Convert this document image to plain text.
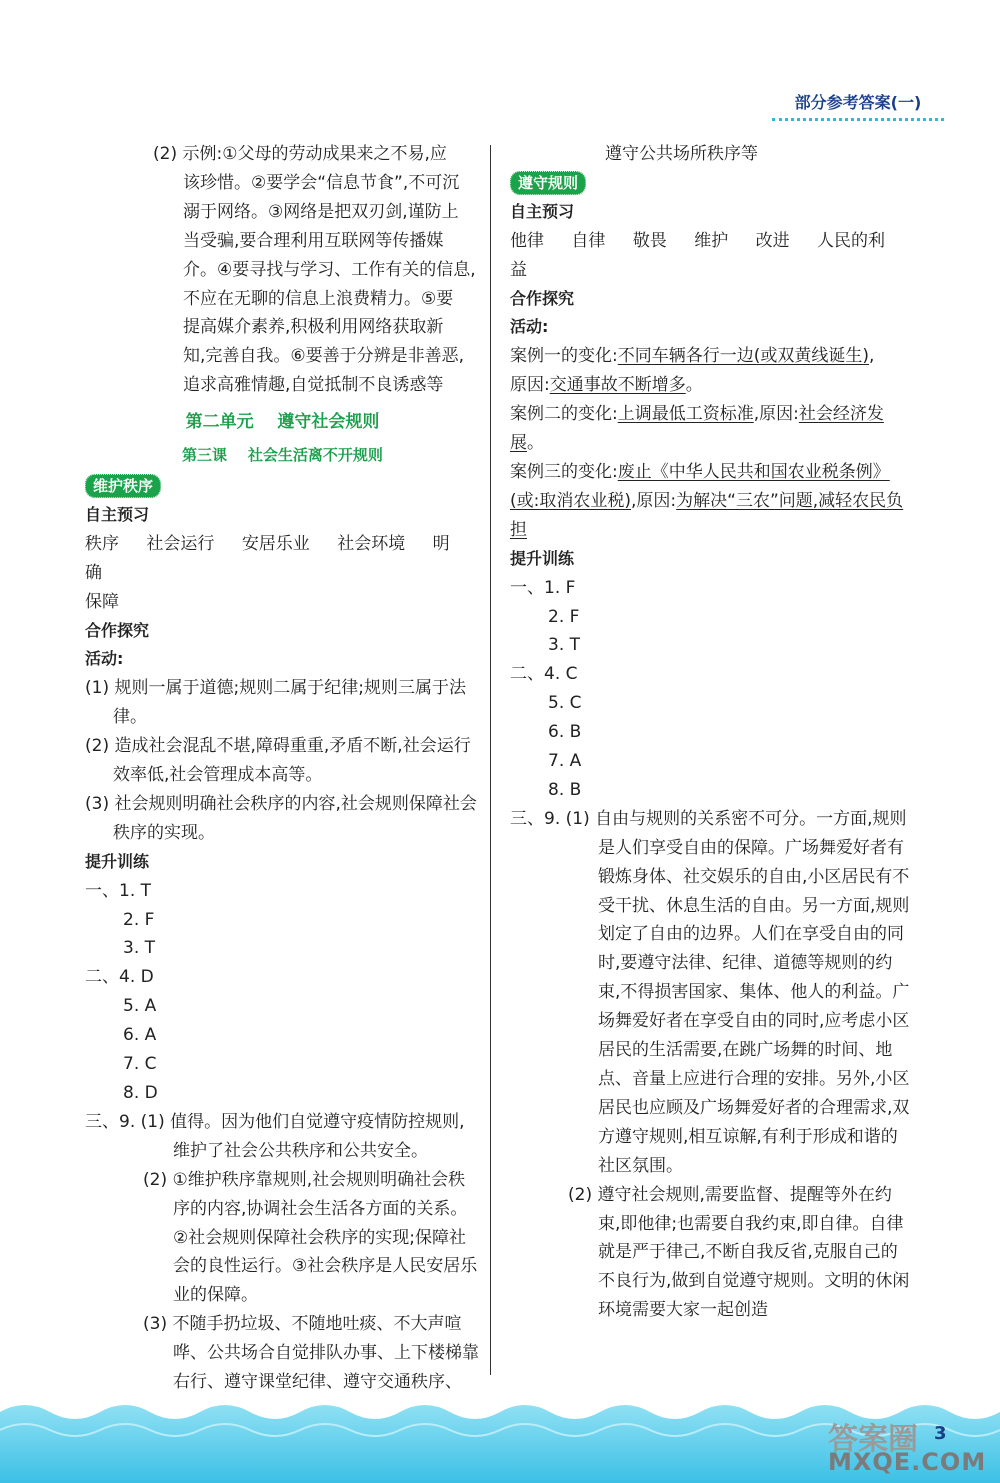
部分参考答案(一)

(2) 示例:①父母的劳动成果来之不易,应

该珍惜。②要学会“信息节食”,不可沉

溺于网络。③网络是把双刃剑,谨防上

当受骗,要合理利用互联网等传播媒

介。④要寻找与学习、工作有关的信息,

不应在无聊的信息上浪费精力。⑤要

提高媒介素养,积极利用网络获取新

知,完善自我。⑥要善于分辨是非善恶,

追求高雅情趣,自觉抵制不良诱惑等

第二单元    遵守社会规则
第三课    社会生活离不开规则
维护秩序
自主预习
秩序 社会运行 安居乐业 社会环境 明确
保障
合作探究
活动:

(1) 规则一属于道德;规则二属于纪律;规则三属于法律。

(2) 造成社会混乱不堪,障碍重重,矛盾不断,社会运行效率低,社会管理成本高等。

(3) 社会规则明确社会秩序的内容,社会规则保障社会秩序的实现。

提升训练
一、1. T
2. F
3. T
二、4. D
5. A
6. A
7. C
8. D

三、9. (1) 值得。因为他们自觉遵守疫情防控规则,维护了社会公共秩序和公共安全。

(2) ①维护秩序靠规则,社会规则明确社会秩序的内容,协调社会生活各方面的关系。②社会规则保障社会秩序的实现;保障社会的良性运行。③社会秩序是人民安居乐业的保障。

(3) 不随手扔垃圾、不随地吐痰、不大声喧哗、公共场合自觉排队办事、上下楼梯靠右行、遵守课堂纪律、遵守交通秩序、

遵守公共场所秩序等
遵守规则
自主预习
他律 自律 敬畏 维护 改进 人民的利益
合作探究
活动:

案例一的变化:不同车辆各行一边(或双黄线诞生),
原因:交通事故不断增多。

案例二的变化:上调最低工资标准,原因:社会经济发展。

案例三的变化:废止《中华人民共和国农业税条例》(或:取消农业税),原因:为解决“三农”问题,减轻农民负担

提升训练
一、1. F
2. F
3. T
二、4. C
5. C
6. B
7. A
8. B

三、9. (1) 自由与规则的关系密不可分。一方面,规则是人们享受自由的保障。广场舞爱好者有锻炼身体、社交娱乐的自由,小区居民有不受干扰、休息生活的自由。另一方面,规则划定了自由的边界。人们在享受自由的同时,要遵守法律、纪律、道德等规则的约束,不得损害国家、集体、他人的利益。广场舞爱好者在享受自由的同时,应考虑小区居民的生活需要,在跳广场舞的时间、地点、音量上应进行合理的安排。另外,小区居民也应顾及广场舞爱好者的合理需求,双方遵守规则,相互谅解,有利于形成和谐的社区氛围。

(2) 遵守社会规则,需要监督、提醒等外在约束,即他律;也需要自我约束,即自律。自律就是严于律己,不断自我反省,克服自己的不良行为,做到自觉遵守规则。文明的休闲环境需要大家一起创造

答案圈
MXQE.COM
3
